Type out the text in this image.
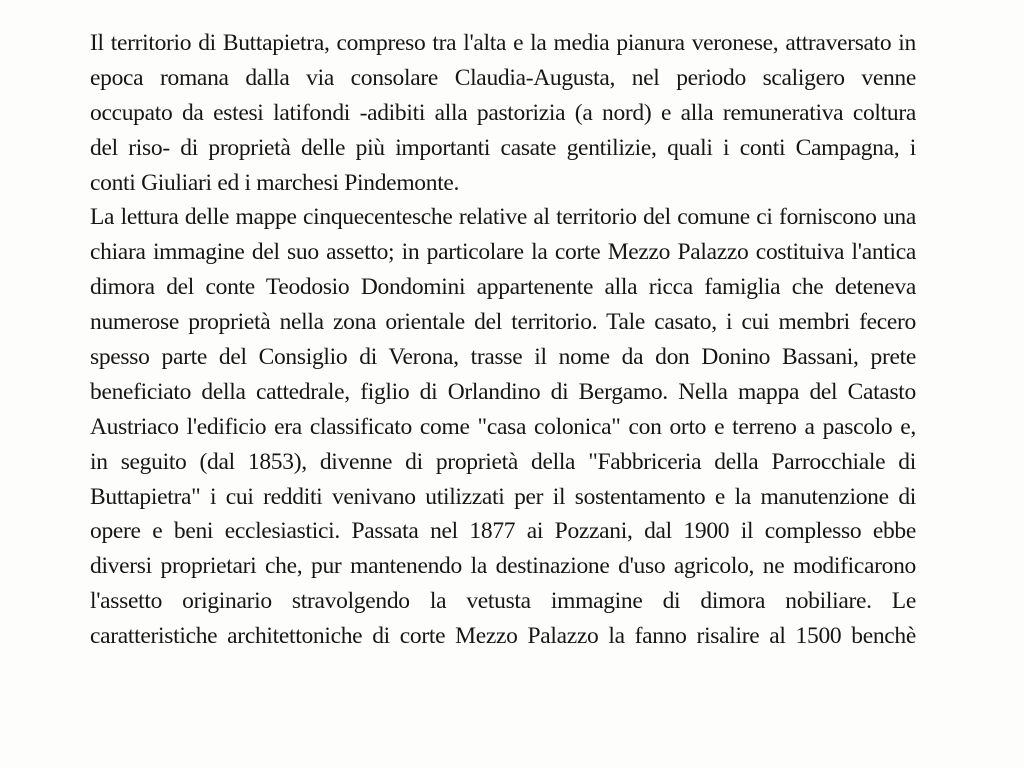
Il territorio di Buttapietra, compreso tra l'alta e la media pianura veronese, attraversato in
epoca romana dalla via consolare Claudia-Augusta, nel periodo scaligero venne
occupato da estesi latifondi -adibiti alla pastorizia (a nord) e alla remunerativa coltura
del riso- di proprietà delle più importanti casate gentilizie, quali i conti Campagna, i
conti Giuliari ed i marchesi Pindemonte.
La lettura delle mappe cinquecentesche relative al territorio del comune ci forniscono una
chiara immagine del suo assetto; in particolare la corte Mezzo Palazzo costituiva l'antica
dimora del conte Teodosio Dondomini appartenente alla ricca famiglia che deteneva
numerose proprietà nella zona orientale del territorio. Tale casato, i cui membri fecero
spesso parte del Consiglio di Verona, trasse il nome da don Donino Bassani, prete
beneficiato della cattedrale, figlio di Orlandino di Bergamo. Nella mappa del Catasto
Austriaco l'edificio era classificato come "casa colonica" con orto e terreno a pascolo e,
in seguito (dal 1853), divenne di proprietà della "Fabbriceria della Parrocchiale di
Buttapietra" i cui redditi venivano utilizzati per il sostentamento e la manutenzione di
opere e beni ecclesiastici. Passata nel 1877 ai Pozzani, dal 1900 il complesso ebbe
diversi proprietari che, pur mantenendo la destinazione d'uso agricolo, ne modificarono
l'assetto originario stravolgendo la vetusta immagine di dimora nobiliare. Le
caratteristiche architettoniche di corte Mezzo Palazzo la fanno risalire al 1500 benchè
